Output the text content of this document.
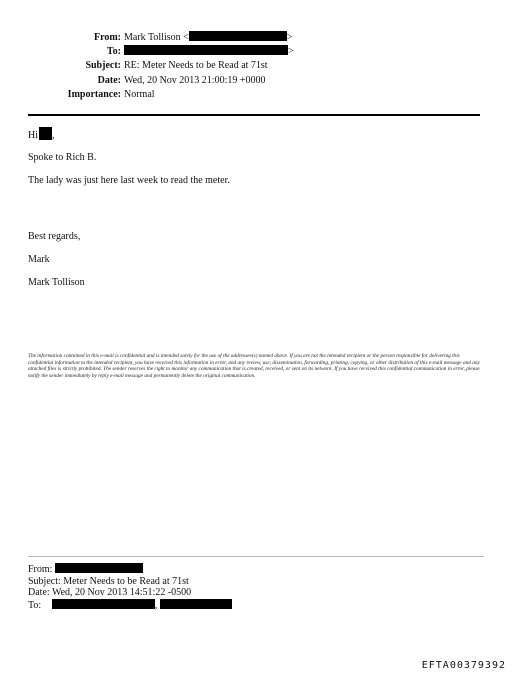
From: Mark Tollison <	>
To:	>
Subject: RE: Meter Needs to be Read at 71st
Date: Wed, 20 Nov 2013 21:00:19 +0000
Importance: Normal
Hi ,
Spoke to Rich B.
The lady was just here last week to read the meter.
Best regards,
Mark
Mark Tollison
The information contained in this e-mail is confidential and is intended solely for the use of the addressee(s) named above. If you are not the intended recipient or the person responsible for delivering this confidential information to the intended recipient, you have received this information in error, and any review, use, dissemination, forwarding, printing, copying, or other distribution of this e-mail message and any attached files is strictly prohibited. The sender reserves the right to monitor any communication that is created, received, or sent on its network. If you have received this confidential communication in error, please notify the sender immediately by reply e-mail message and permanently delete the original communication.
From:
Subject: Meter Needs to be Read at 71st
Date: Wed, 20 Nov 2013 14:51:22 -0500
To:	,
EFTA00379392
